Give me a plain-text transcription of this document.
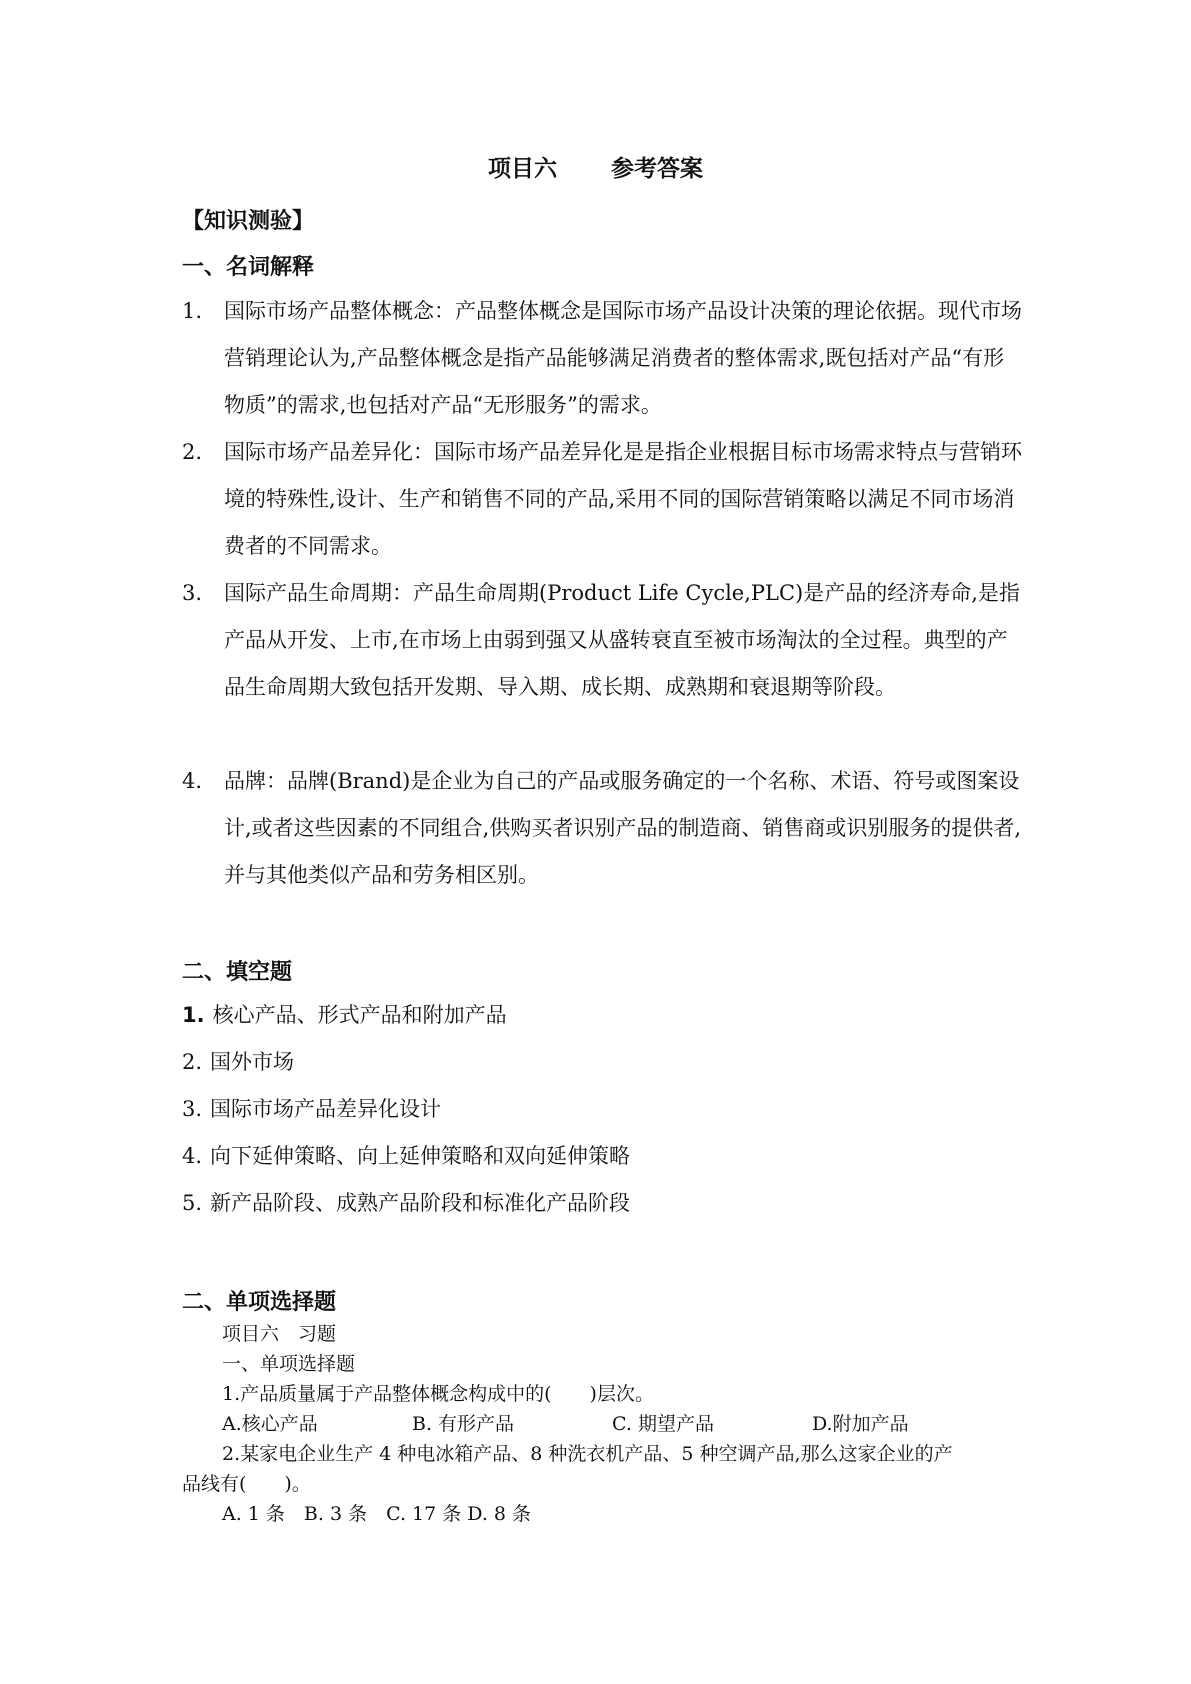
项目六 参考答案
【知识测验】
一、名词解释
1. 国际市场产品整体概念：产品整体概念是国际市场产品设计决策的理论依据。现代市场营销理论认为,产品整体概念是指产品能够满足消费者的整体需求,既包括对产品“有形物质”的需求,也包括对产品“无形服务”的需求。
2. 国际市场产品差异化：国际市场产品差异化是是指企业根据目标市场需求特点与营销环境的特殊性,设计、生产和销售不同的产品,采用不同的国际营销策略以满足不同市场消费者的不同需求。
3. 国际产品生命周期：产品生命周期(Product Life Cycle,PLC)是产品的经济寿命,是指产品从开发、上市,在市场上由弱到强又从盛转衰直至被市场淘汰的全过程。典型的产品生命周期大致包括开发期、导入期、成长期、成熟期和衰退期等阶段。
4. 品牌：品牌(Brand)是企业为自己的产品或服务确定的一个名称、术语、符号或图案设计,或者这些因素的不同组合,供购买者识别产品的制造商、销售商或识别服务的提供者,并与其他类似产品和劳务相区别。
二、填空题
1. 核心产品、形式产品和附加产品
2. 国外市场
3. 国际市场产品差异化设计
4. 向下延伸策略、向上延伸策略和双向延伸策略
5. 新产品阶段、成熟产品阶段和标准化产品阶段
二、单项选择题
项目六　习题
一、单项选择题
1.产品质量属于产品整体概念构成中的(　　)层次。
A.核心产品	B. 有形产品	C. 期望产品	D.附加产品
2.某家电企业生产 4 种电冰箱产品、8 种洗衣机产品、5 种空调产品,那么这家企业的产
品线有(　　)。
A. 1 条　B. 3 条　C. 17 条 D. 8 条
